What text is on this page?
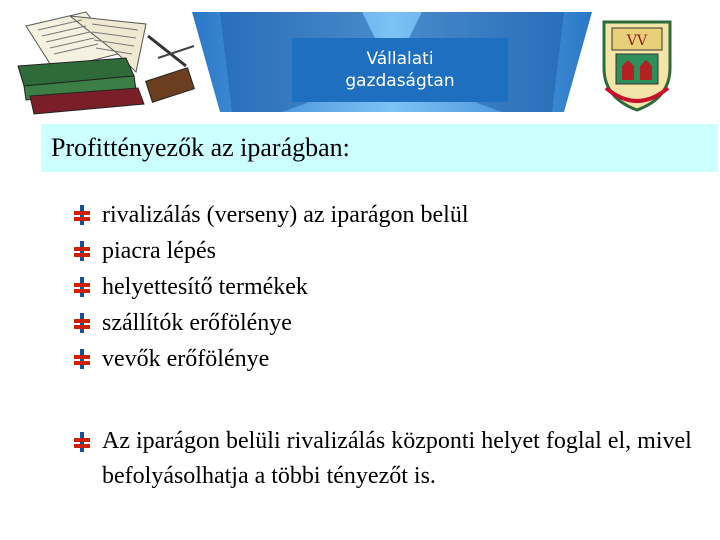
Vállalati
gazdaságtan
VV
Profittényezők az iparágban:
rivalizálás (verseny) az iparágon belül
piacra lépés
helyettesítő termékek
szállítók erőfölénye
vevők erőfölénye
Az iparágon belüli rivalizálás központi helyet foglal el, mivel befolyásolhatja a többi tényezőt is.
